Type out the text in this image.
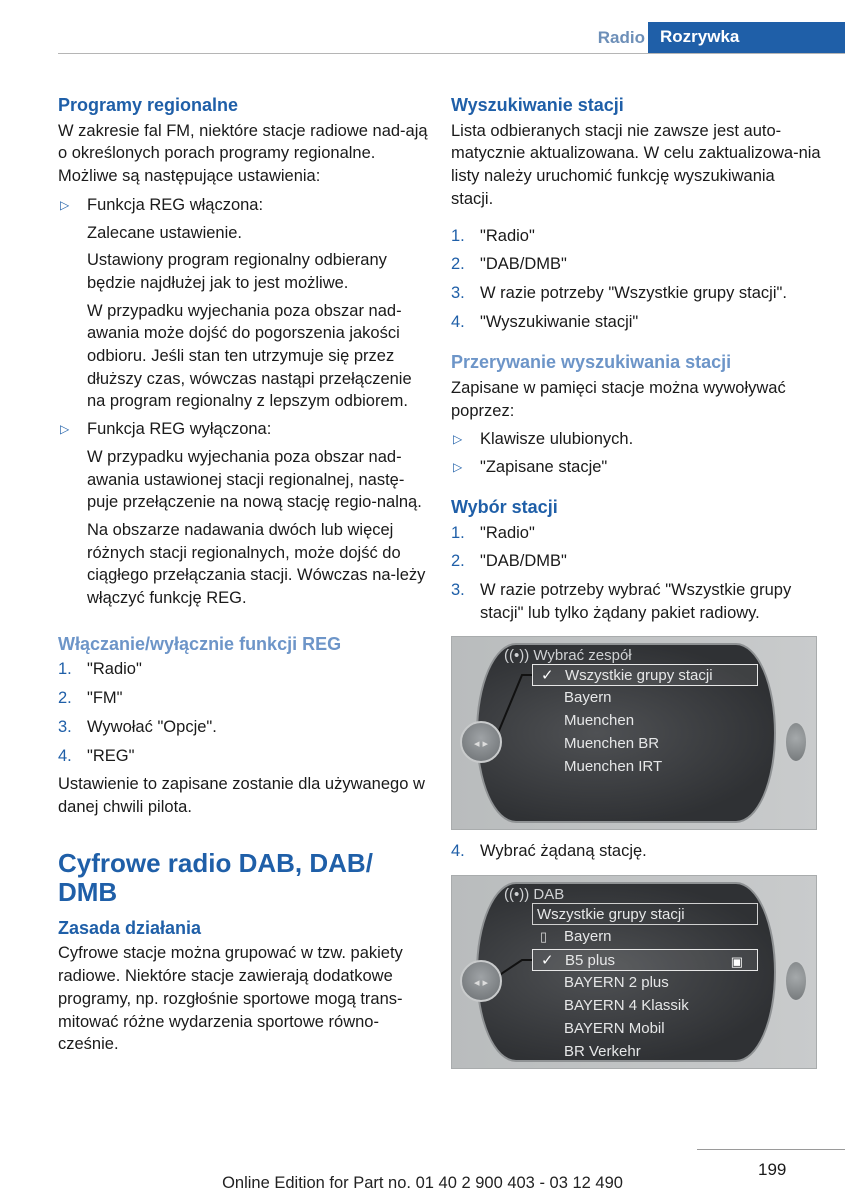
Radio Rozrywka
Programy regionalne
W zakresie fal FM, niektóre stacje radiowe nad-ają o określonych porach programy regionalne. Możliwe są następujące ustawienia:
▷ Funkcja REG włączona:
Zalecane ustawienie.
Ustawiony program regionalny odbierany będzie najdłużej jak to jest możliwe.
W przypadku wyjechania poza obszar nad-awania może dojść do pogorszenia jakości odbioru. Jeśli stan ten utrzymuje się przez dłuższy czas, wówczas nastąpi przełączenie na program regionalny z lepszym odbiorem.
▷ Funkcja REG wyłączona:
W przypadku wyjechania poza obszar nad-awania ustawionej stacji regionalnej, nastę-puje przełączenie na nową stację regio-nalną.
Na obszarze nadawania dwóch lub więcej różnych stacji regionalnych, może dojść do ciągłego przełączania stacji. Wówczas na-leży włączyć funkcję REG.
Włączanie/wyłącznie funkcji REG
1. "Radio"
2. "FM"
3. Wywołać "Opcje".
4. "REG"
Ustawienie to zapisane zostanie dla używanego w danej chwili pilota.
Cyfrowe radio DAB, DAB/ DMB
Zasada działania
Cyfrowe stacje można grupować w tzw. pakiety radiowe. Niektóre stacje zawierają dodatkowe programy, np. rozgłośnie sportowe mogą trans-mitować różne wydarzenia sportowe równo-cześnie.
Wyszukiwanie stacji
Lista odbieranych stacji nie zawsze jest auto-matycznie aktualizowana. W celu zaktualizowa-nia listy należy uruchomić funkcję wyszukiwania stacji.
1. "Radio"
2. "DAB/DMB"
3. W razie potrzeby "Wszystkie grupy stacji".
4. "Wyszukiwanie stacji"
Przerywanie wyszukiwania stacji
Zapisane w pamięci stacje można wywoływać poprzez:
▷ Klawisze ulubionych.
▷ "Zapisane stacje"
Wybór stacji
1. "Radio"
2. "DAB/DMB"
3. W razie potrzeby wybrać "Wszystkie grupy stacji" lub tylko żądany pakiet radiowy.
((•)) Wybrać zespół
✓ Wszystkie grupy stacji
Bayern
Muenchen
Muenchen BR
Muenchen IRT
◂ ▸
4. Wybrać żądaną stację.
((•)) DAB
Wszystkie grupy stacji
▯ Bayern
✓ B5 plus	▣
BAYERN 2 plus
BAYERN 4 Klassik
BAYERN Mobil
BR Verkehr
◂ ▸
199
Online Edition for Part no. 01 40 2 900 403 - 03 12 490
